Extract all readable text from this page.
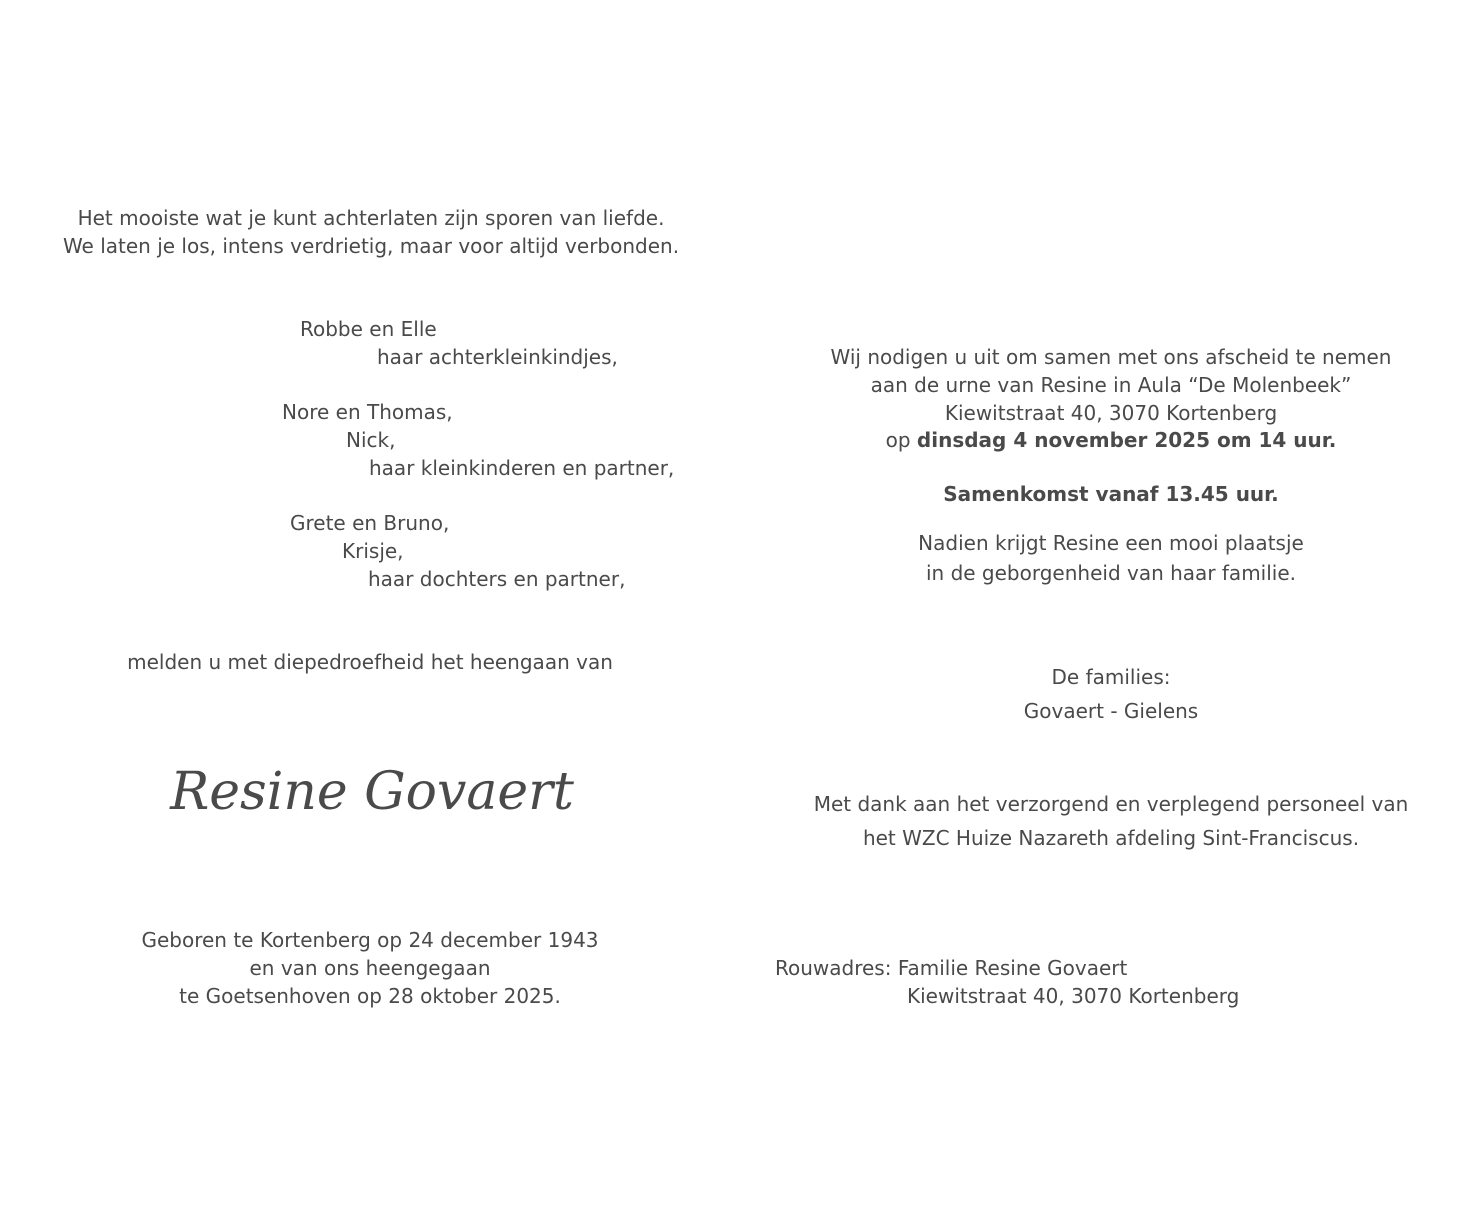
Het mooiste wat je kunt achterlaten zijn sporen van liefde.
We laten je los, intens verdrietig, maar voor altijd verbonden.
Robbe en Elle
haar achterkleinkindjes,
Nore en Thomas,
Nick,
haar kleinkinderen en partner,
Grete en Bruno,
Krisje,
haar dochters en partner,
melden u met diepedroefheid het heengaan van
Resine Govaert
Geboren te Kortenberg op 24 december 1943
en van ons heengegaan
te Goetsenhoven op 28 oktober 2025.
Wij nodigen u uit om samen met ons afscheid te nemen
aan de urne van Resine in Aula “De Molenbeek”
Kiewitstraat 40, 3070 Kortenberg
op dinsdag 4 november 2025 om 14 uur.
Samenkomst vanaf 13.45 uur.
Nadien krijgt Resine een mooi plaatsje
in de geborgenheid van haar familie.
De families:
Govaert - Gielens
Met dank aan het verzorgend en verplegend personeel van
het WZC Huize Nazareth afdeling Sint-Franciscus.
Rouwadres: Familie Resine Govaert
Kiewitstraat 40, 3070 Kortenberg
